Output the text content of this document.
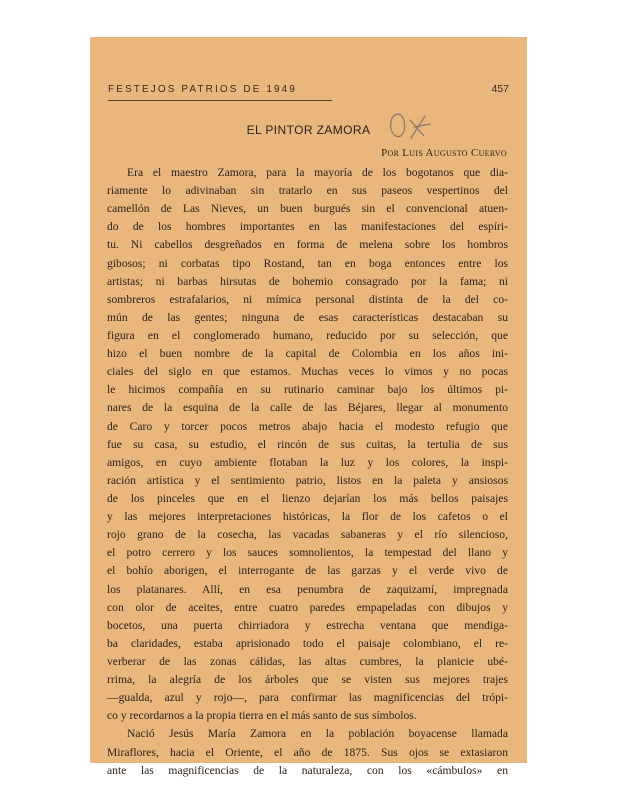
FESTEJOS PATRIOS DE 1949	457
EL PINTOR ZAMORA
Por Luis Augusto Cuervo
Era el maestro Zamora, para la mayoría de los bogotanos que dia-
riamente lo adivinaban sin tratarlo en sus paseos vespertinos del
camellón de Las Nieves, un buen burgués sin el convencional atuen-
do de los hombres importantes en las manifestaciones del espíri-
tu. Ni cabellos desgreñados en forma de melena sobre los hombros
gibosos; ni corbatas tipo Rostand, tan en boga entonces entre los
artistas; ni barbas hirsutas de bohemio consagrado por la fama; ni
sombreros estrafalarios, ni mímica personal distinta de la del co-
mún de las gentes; ninguna de esas características destacaban su
figura en el conglomerado humano, reducido por su selección, que
hizo el buen nombre de la capital de Colombia en los años ini-
ciales del siglo en que estamos. Muchas veces lo vimos y no pocas
le hicimos compañía en su rutinario caminar bajo los últimos pi-
nares de la esquina de la calle de las Béjares, llegar al monumento
de Caro y torcer pocos metros abajo hacia el modesto refugio que
fue su casa, su estudio, el rincón de sus cuitas, la tertulia de sus
amigos, en cuyo ambiente flotaban la luz y los colores, la inspi-
ración artística y el sentimiento patrio, listos en la paleta y ansiosos
de los pinceles que en el lienzo dejarían los más bellos paisajes
y las mejores interpretaciones históricas, la flor de los cafetos o el
rojo grano de la cosecha, las vacadas sabaneras y el río silencioso,
el potro cerrero y los sauces somnolientos, la tempestad del llano y
el bohío aborigen, el interrogante de las garzas y el verde vivo de
los platanares. Allí, en esa penumbra de zaquizamí, impregnada
con olor de aceites, entre cuatro paredes empapeladas con dibujos y
bocetos, una puerta chirriadora y estrecha ventana que mendiga-
ba claridades, estaba aprisionado todo el paisaje colombiano, el re-
verberar de las zonas cálidas, las altas cumbres, la planicie ubé-
rrima, la alegría de los árboles que se visten sus mejores trajes
—gualda, azul y rojo—, para confirmar las magnificencias del trópi-
co y recordarnos a la propia tierra en el más santo de sus símbolos.
Nació Jesús María Zamora en la población boyacense llamada
Miraflores, hacia el Oriente, el año de 1875. Sus ojos se extasiaron
ante las magnificencias de la naturaleza, con los «cámbulos» en
